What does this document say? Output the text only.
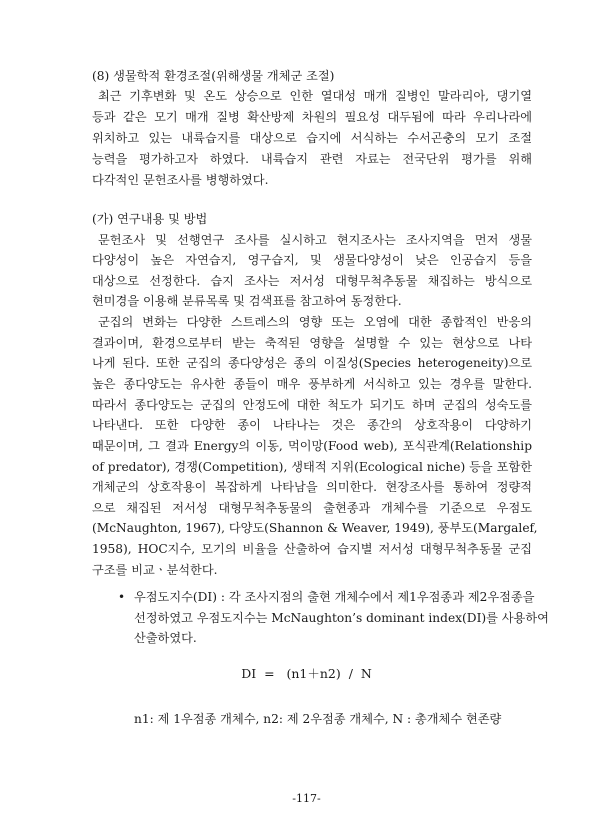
(8) 생물학적 환경조절(위해생물 개체군 조절)
최근 기후변화 및 온도 상승으로 인한 열대성 매개 질병인 말라리아, 댕기열
등과 같은 모기 매개 질병 확산방제 차원의 필요성 대두됨에 따라 우리나라에
위치하고 있는 내륙습지를 대상으로 습지에 서식하는 수서곤충의 모기 조절
능력을 평가하고자 하였다. 내륙습지 관련 자료는 전국단위 평가를 위해
다각적인 문헌조사를 병행하였다.
(가) 연구내용 및 방법
문헌조사 및 선행연구 조사를 실시하고 현지조사는 조사지역을 먼저 생물
다양성이 높은 자연습지, 영구습지, 및 생물다양성이 낮은 인공습지 등을
대상으로 선정한다. 습지 조사는 저서성 대형무척추동물 채집하는 방식으로
현미경을 이용해 분류목록 및 검색표를 참고하여 동정한다.
군집의 변화는 다양한 스트레스의 영향 또는 오염에 대한 종합적인 반응의
결과이며, 환경으로부터 받는 축적된 영향을 설명할 수 있는 현상으로 나타
나게 된다. 또한 군집의 종다양성은 종의 이질성(Species heterogeneity)으로
높은 종다양도는 유사한 종들이 매우 풍부하게 서식하고 있는 경우를 말한다.
따라서 종다양도는 군집의 안정도에 대한 척도가 되기도 하며 군집의 성숙도를
나타낸다. 또한 다양한 종이 나타나는 것은 종간의 상호작용이 다양하기
때문이며, 그 결과 Energy의 이동, 먹이망(Food web), 포식관계(Relationship
of predator), 경쟁(Competition), 생태적 지위(Ecological niche) 등을 포함한
개체군의 상호작용이 복잡하게 나타남을 의미한다. 현장조사를 통하여 정량적
으로 채집된 저서성 대형무척추동물의 출현종과 개체수를 기준으로 우점도
(McNaughton, 1967), 다양도(Shannon & Weaver, 1949), 풍부도(Margalef,
1958), HOC지수, 모기의 비율을 산출하여 습지별 저서성 대형무척추동물 군집
구조를 비교ㆍ분석한다.
• 우점도지수(DI) : 각 조사지점의 출현 개체수에서 제1우점종과 제2우점종을
선정하였고 우점도지수는 McNaughton’s dominant index(DI)를 사용하여
산출하였다.
DI  =   (n1＋n2)  /  N
n1: 제 1우점종 개체수, n2: 제 2우점종 개체수, N : 총개체수 현존량
-117-
